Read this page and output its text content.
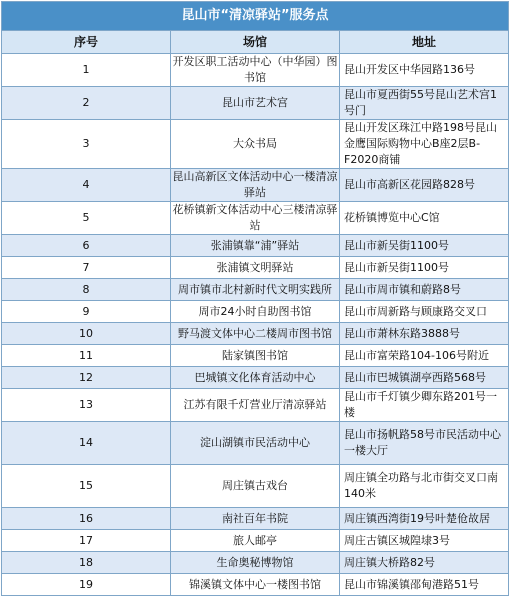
昆山市“清凉驿站”服务点		
序号	场馆	地址
1	开发区职工活动中心（中华园）图书馆	昆山开发区中华园路136号
2	昆山市艺术宫	昆山市夏西街55号昆山艺术宫1号门
3	大众书局	昆山开发区珠江中路198号昆山金鹰国际购物中心B座2层B-F2020商铺
4	昆山高新区文体活动中心一楼清凉驿站	昆山市高新区花园路828号
5	花桥镇新文体活动中心三楼清凉驿站	花桥镇博览中心C馆
6	张浦镇靠“浦”驿站	昆山市新吴街1100号
7	张浦镇文明驿站	昆山市新吴街1100号
8	周市镇市北村新时代文明实践所	昆山市周市镇和蔚路8号
9	周市24小时自助图书馆	昆山市周新路与顾康路交叉口
10	野马渡文体中心二楼周市图书馆	昆山市萧林东路3888号
11	陆家镇图书馆	昆山市富荣路104-106号附近
12	巴城镇文化体育活动中心	昆山市巴城镇湖亭西路568号
13	江苏有限千灯营业厅清凉驿站	昆山市千灯镇少卿东路201号一楼
14	淀山湖镇市民活动中心	昆山市扬帆路58号市民活动中心一楼大厅
15	周庄镇古戏台	周庄镇全功路与北市街交叉口南140米
16	南社百年书院	周庄镇西湾街19号叶楚伧故居
17	旅人邮亭	周庄古镇区城隍埭3号
18	生命奥秘博物馆	周庄镇大桥路82号
19	锦溪镇文体中心一楼图书馆	昆山市锦溪镇邵甸港路51号
